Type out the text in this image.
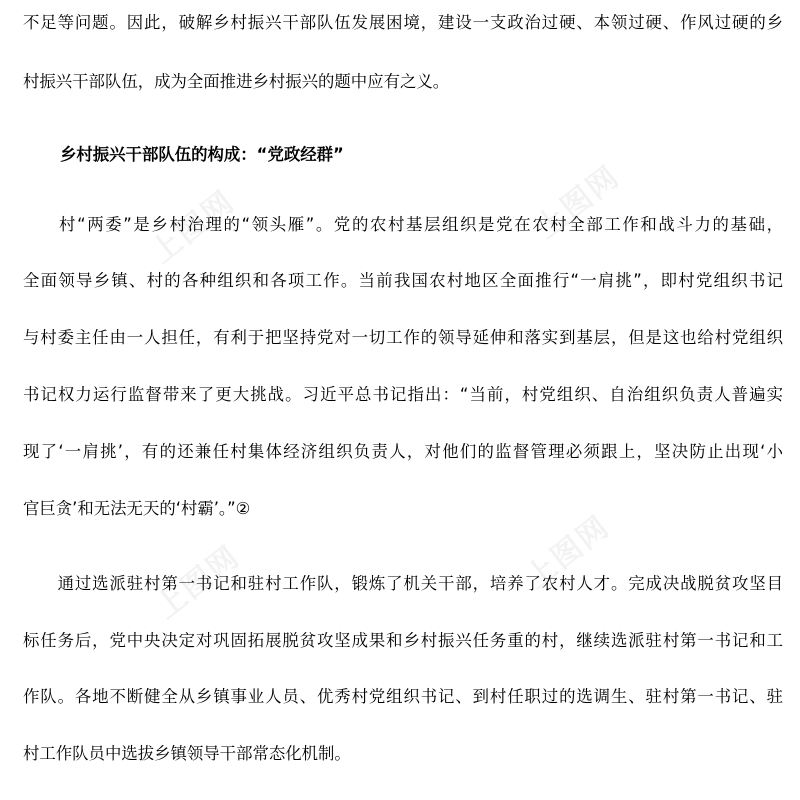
上图网	上图网
上图网	上图网
不足等问题。因此，破解乡村振兴干部队伍发展困境，建设一支政治过硬、本领过硬、作风过硬的乡
村振兴干部队伍，成为全面推进乡村振兴的题中应有之义。
乡村振兴干部队伍的构成：“党政经群”
　　村“两委”是乡村治理的“领头雁”。党的农村基层组织是党在农村全部工作和战斗力的基础，
全面领导乡镇、村的各种组织和各项工作。当前我国农村地区全面推行“一肩挑”，即村党组织书记
与村委主任由一人担任，有利于把坚持党对一切工作的领导延伸和落实到基层，但是这也给村党组织
书记权力运行监督带来了更大挑战。习近平总书记指出：“当前，村党组织、自治组织负责人普遍实
现了‘一肩挑’，有的还兼任村集体经济组织负责人，对他们的监督管理必须跟上，坚决防止出现‘小
官巨贪’和无法无天的‘村霸’。”②
　　通过选派驻村第一书记和驻村工作队，锻炼了机关干部，培养了农村人才。完成决战脱贫攻坚目
标任务后，党中央决定对巩固拓展脱贫攻坚成果和乡村振兴任务重的村，继续选派驻村第一书记和工
作队。各地不断健全从乡镇事业人员、优秀村党组织书记、到村任职过的选调生、驻村第一书记、驻
村工作队员中选拔乡镇领导干部常态化机制。
